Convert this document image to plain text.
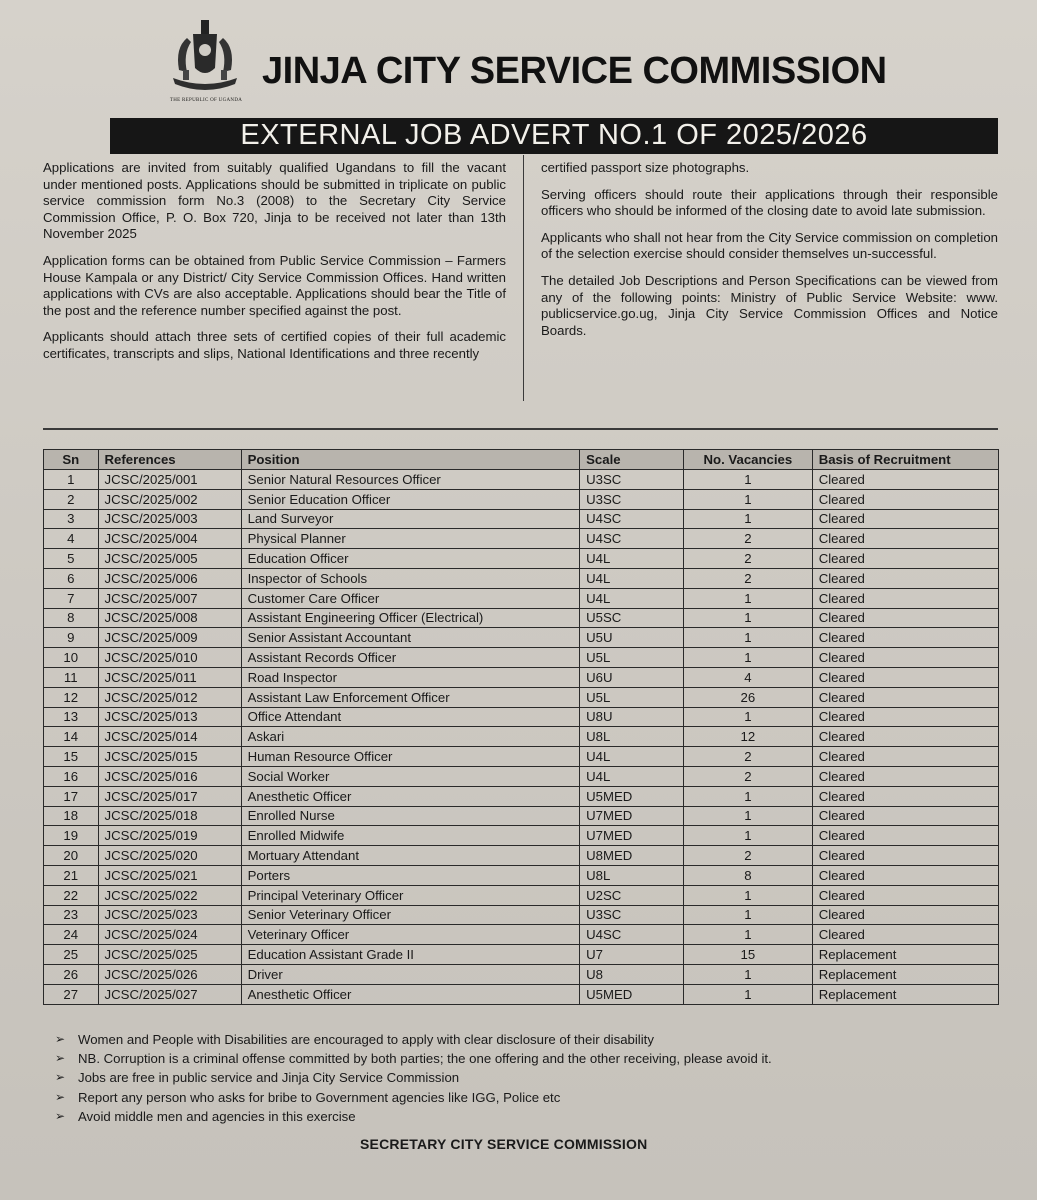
THE REPUBLIC OF UGANDA
JINJA CITY SERVICE COMMISSION
EXTERNAL JOB ADVERT NO.1 OF 2025/2026

Applications are invited from suitably qualified Ugandans to fill the vacant under mentioned posts. Applications should be submitted in triplicate on public service commission form No.3 (2008) to the Secretary City Service Commission Office, P. O. Box 720, Jinja to be received not later than 13th November 2025

Application forms can be obtained from Public Service Commission – Farmers House Kampala or any District/ City Service Commission Offices. Hand written applications with CVs are also acceptable. Applications should bear the Title of the post and the reference number specified against the post.

Applicants should attach three sets of certified copies of their full academic certificates, transcripts and slips, National Identifications and three recently

certified passport size photographs.

Serving officers should route their applications through their responsible officers who should be informed of the closing date to avoid late submission.

Applicants who shall not hear from the City Service commission on completion of the selection exercise should consider themselves un-successful.

The detailed Job Descriptions and Person Specifications can be viewed from any of the following points: Ministry of Public Service Website: www. publicservice.go.ug, Jinja City Service Commission Offices and Notice Boards.

Sn	References	Position	Scale	No. Vacancies	Basis of Recruitment
1	JCSC/2025/001	Senior Natural Resources Officer	U3SC	1	Cleared
2	JCSC/2025/002	Senior Education Officer	U3SC	1	Cleared
3	JCSC/2025/003	Land Surveyor	U4SC	1	Cleared
4	JCSC/2025/004	Physical Planner	U4SC	2	Cleared
5	JCSC/2025/005	Education Officer	U4L	2	Cleared
6	JCSC/2025/006	Inspector of Schools	U4L	2	Cleared
7	JCSC/2025/007	Customer Care Officer	U4L	1	Cleared
8	JCSC/2025/008	Assistant Engineering Officer (Electrical)	U5SC	1	Cleared
9	JCSC/2025/009	Senior Assistant Accountant	U5U	1	Cleared
10	JCSC/2025/010	Assistant Records Officer	U5L	1	Cleared
11	JCSC/2025/011	Road Inspector	U6U	4	Cleared
12	JCSC/2025/012	Assistant Law Enforcement Officer	U5L	26	Cleared
13	JCSC/2025/013	Office Attendant	U8U	1	Cleared
14	JCSC/2025/014	Askari	U8L	12	Cleared
15	JCSC/2025/015	Human Resource Officer	U4L	2	Cleared
16	JCSC/2025/016	Social Worker	U4L	2	Cleared
17	JCSC/2025/017	Anesthetic Officer	U5MED	1	Cleared
18	JCSC/2025/018	Enrolled Nurse	U7MED	1	Cleared
19	JCSC/2025/019	Enrolled Midwife	U7MED	1	Cleared
20	JCSC/2025/020	Mortuary Attendant	U8MED	2	Cleared
21	JCSC/2025/021	Porters	U8L	8	Cleared
22	JCSC/2025/022	Principal Veterinary Officer	U2SC	1	Cleared
23	JCSC/2025/023	Senior Veterinary Officer	U3SC	1	Cleared
24	JCSC/2025/024	Veterinary Officer	U4SC	1	Cleared
25	JCSC/2025/025	Education Assistant Grade II	U7	15	Replacement
26	JCSC/2025/026	Driver	U8	1	Replacement
27	JCSC/2025/027	Anesthetic Officer	U5MED	1	Replacement
➢ Women and People with Disabilities are encouraged to apply with clear disclosure of their disability
➢ NB. Corruption is a criminal offense committed by both parties; the one offering and the other receiving, please avoid it.
➢ Jobs are free in public service and Jinja City Service Commission
➢ Report any person who asks for bribe to Government agencies like IGG, Police etc
➢ Avoid middle men and agencies in this exercise
SECRETARY CITY SERVICE COMMISSION
